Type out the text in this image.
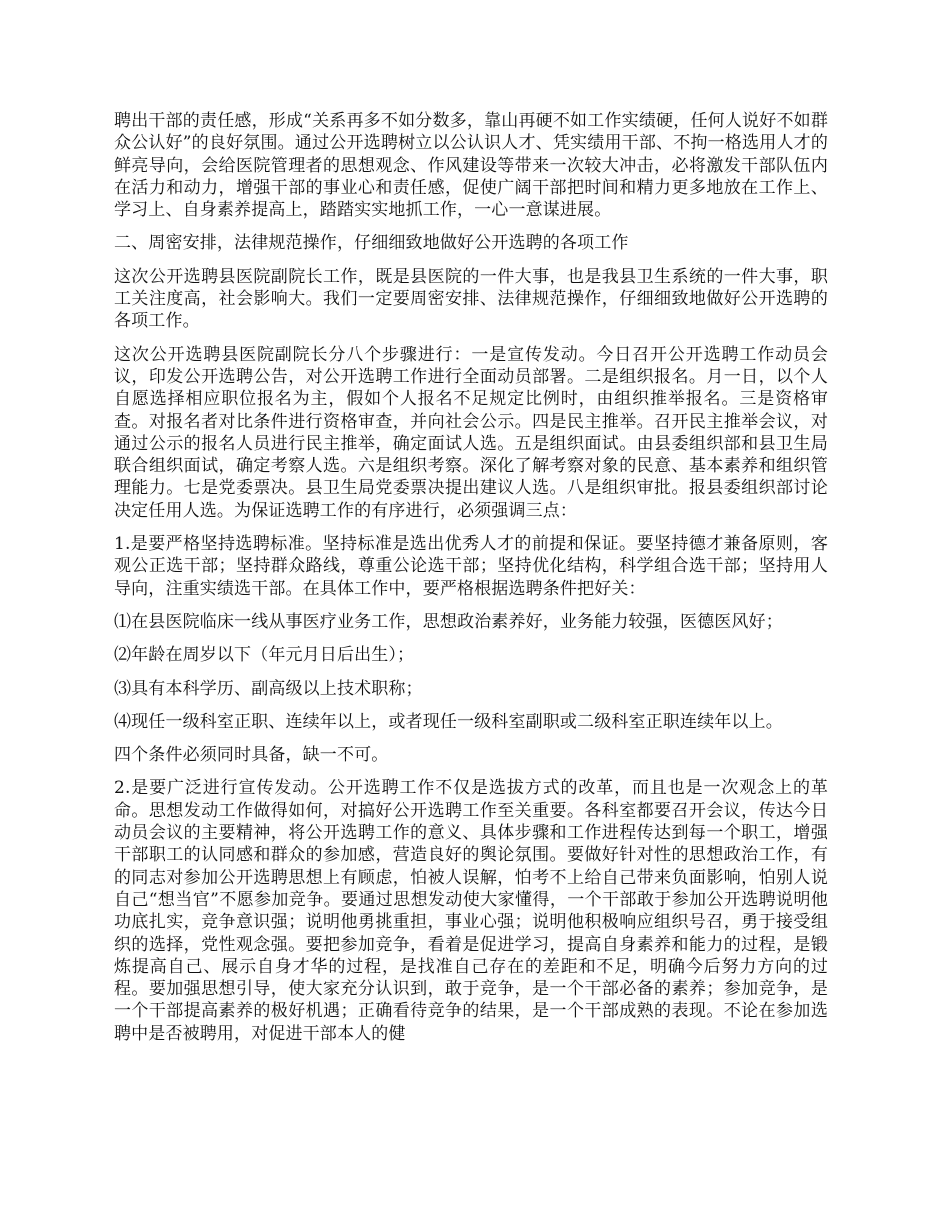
聘出干部的责任感，形成“关系再多不如分数多，靠山再硬不如工作实绩硬，任何人说好不如群众公认好”的良好氛围。通过公开选聘树立以公认识人才、凭实绩用干部、不拘一格选用人才的鲜亮导向，会给医院管理者的思想观念、作风建设等带来一次较大冲击，必将激发干部队伍内在活力和动力，增强干部的事业心和责任感，促使广阔干部把时间和精力更多地放在工作上、学习上、自身素养提高上，踏踏实实地抓工作，一心一意谋进展。

二、周密安排，法律规范操作，仔细细致地做好公开选聘的各项工作

这次公开选聘县医院副院长工作，既是县医院的一件大事，也是我县卫生系统的一件大事，职工关注度高，社会影响大。我们一定要周密安排、法律规范操作，仔细细致地做好公开选聘的各项工作。

这次公开选聘县医院副院长分八个步骤进行：一是宣传发动。今日召开公开选聘工作动员会议，印发公开选聘公告，对公开选聘工作进行全面动员部署。二是组织报名。月一日，以个人自愿选择相应职位报名为主，假如个人报名不足规定比例时，由组织推举报名。三是资格审查。对报名者对比条件进行资格审查，并向社会公示。四是民主推举。召开民主推举会议，对通过公示的报名人员进行民主推举，确定面试人选。五是组织面试。由县委组织部和县卫生局联合组织面试，确定考察人选。六是组织考察。深化了解考察对象的民意、基本素养和组织管理能力。七是党委票决。县卫生局党委票决提出建议人选。八是组织审批。报县委组织部讨论决定任用人选。为保证选聘工作的有序进行，必须强调三点：

1.是要严格坚持选聘标准。坚持标准是选出优秀人才的前提和保证。要坚持德才兼备原则，客观公正选干部；坚持群众路线，尊重公论选干部；坚持优化结构，科学组合选干部；坚持用人导向，注重实绩选干部。在具体工作中，要严格根据选聘条件把好关：

⑴在县医院临床一线从事医疗业务工作，思想政治素养好，业务能力较强，医德医风好；

⑵年龄在周岁以下（年元月日后出生）；

⑶具有本科学历、副高级以上技术职称；

⑷现任一级科室正职、连续年以上，或者现任一级科室副职或二级科室正职连续年以上。

四个条件必须同时具备，缺一不可。

2.是要广泛进行宣传发动。公开选聘工作不仅是选拔方式的改革，而且也是一次观念上的革命。思想发动工作做得如何，对搞好公开选聘工作至关重要。各科室都要召开会议，传达今日动员会议的主要精神，将公开选聘工作的意义、具体步骤和工作进程传达到每一个职工，增强干部职工的认同感和群众的参加感，营造良好的舆论氛围。要做好针对性的思想政治工作，有的同志对参加公开选聘思想上有顾虑，怕被人误解，怕考不上给自己带来负面影响，怕别人说自己“想当官”不愿参加竞争。要通过思想发动使大家懂得，一个干部敢于参加公开选聘说明他功底扎实，竞争意识强；说明他勇挑重担，事业心强；说明他积极响应组织号召，勇于接受组织的选择，党性观念强。要把参加竞争，看着是促进学习，提高自身素养和能力的过程，是锻炼提高自己、展示自身才华的过程，是找准自己存在的差距和不足，明确今后努力方向的过程。要加强思想引导，使大家充分认识到，敢于竞争，是一个干部必备的素养；参加竞争，是一个干部提高素养的极好机遇；正确看待竞争的结果，是一个干部成熟的表现。不论在参加选聘中是否被聘用，对促进干部本人的健
